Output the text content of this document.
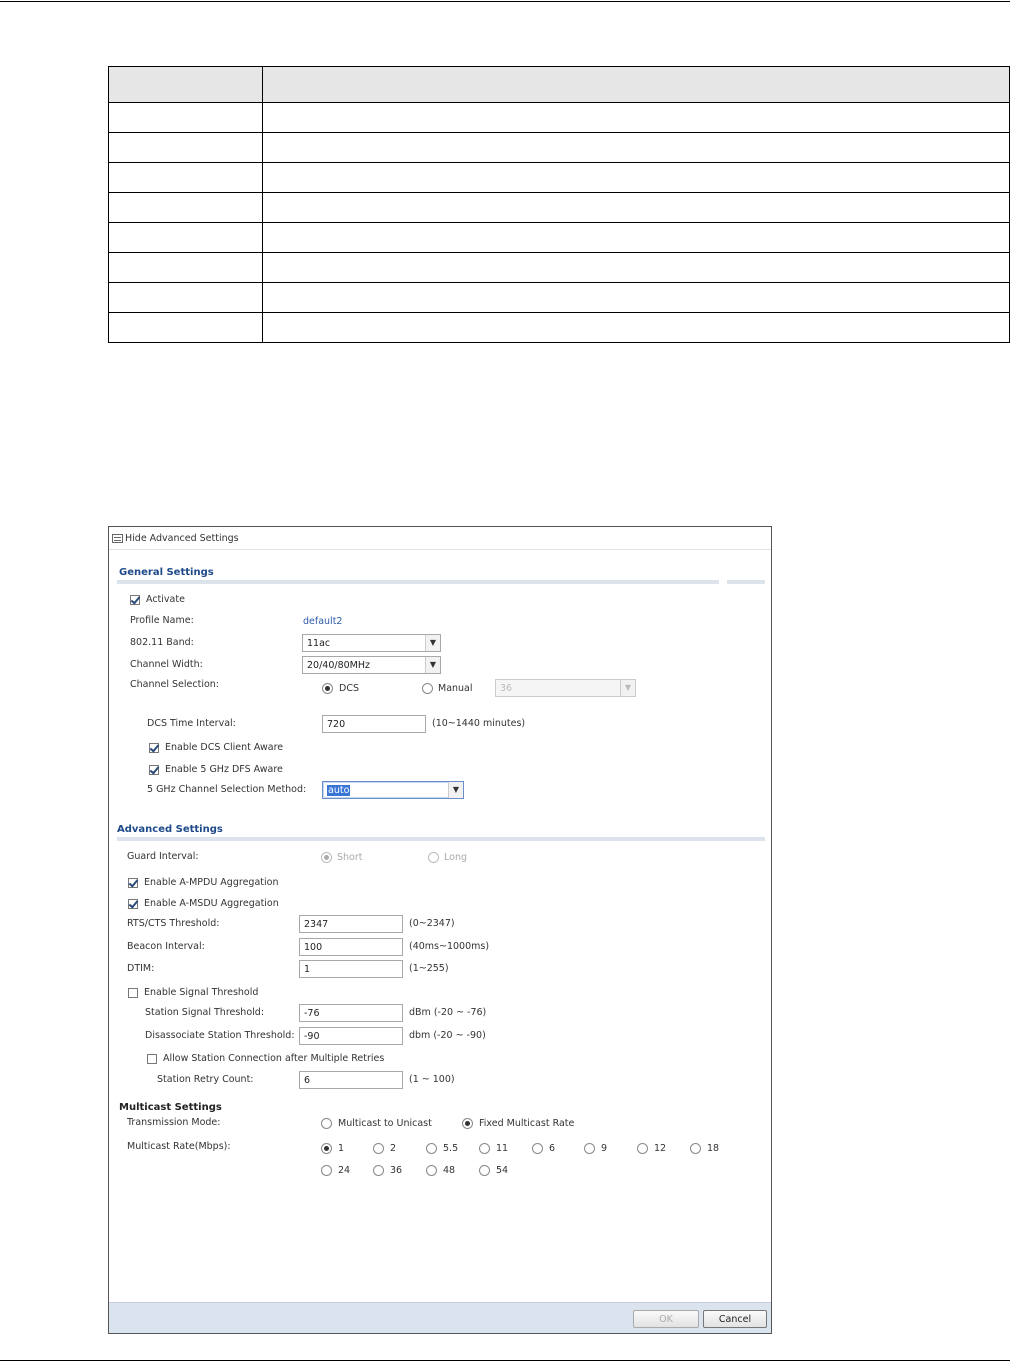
Hide Advanced Settings
General Settings
Activate
Profile Name:	default2
802.11 Band:	11ac	▼
Channel Width:	20/40/80MHz	▼
Channel Selection:	DCS	Manual	36	▼
DCS Time Interval:	720	(10~1440 minutes)
Enable DCS Client Aware
Enable 5 GHz DFS Aware
5 GHz Channel Selection Method:	auto	▼
Advanced Settings
Guard Interval:	Short	Long
Enable A-MPDU Aggregation
Enable A-MSDU Aggregation
RTS/CTS Threshold:	2347	(0~2347)
Beacon Interval:	100	(40ms~1000ms)
DTIM:	1	(1~255)
Enable Signal Threshold
Station Signal Threshold:	-76	dBm (-20 ~ -76)
Disassociate Station Threshold: -90	dbm (-20 ~ -90)
Allow Station Connection after Multiple Retries
Station Retry Count:	6	(1 ~ 100)
Multicast Settings
Transmission Mode:	Multicast to Unicast	Fixed Multicast Rate
Multicast Rate(Mbps):	1	2	5.5	11	6	9	12	18
24	36	48	54
OK	Cancel
